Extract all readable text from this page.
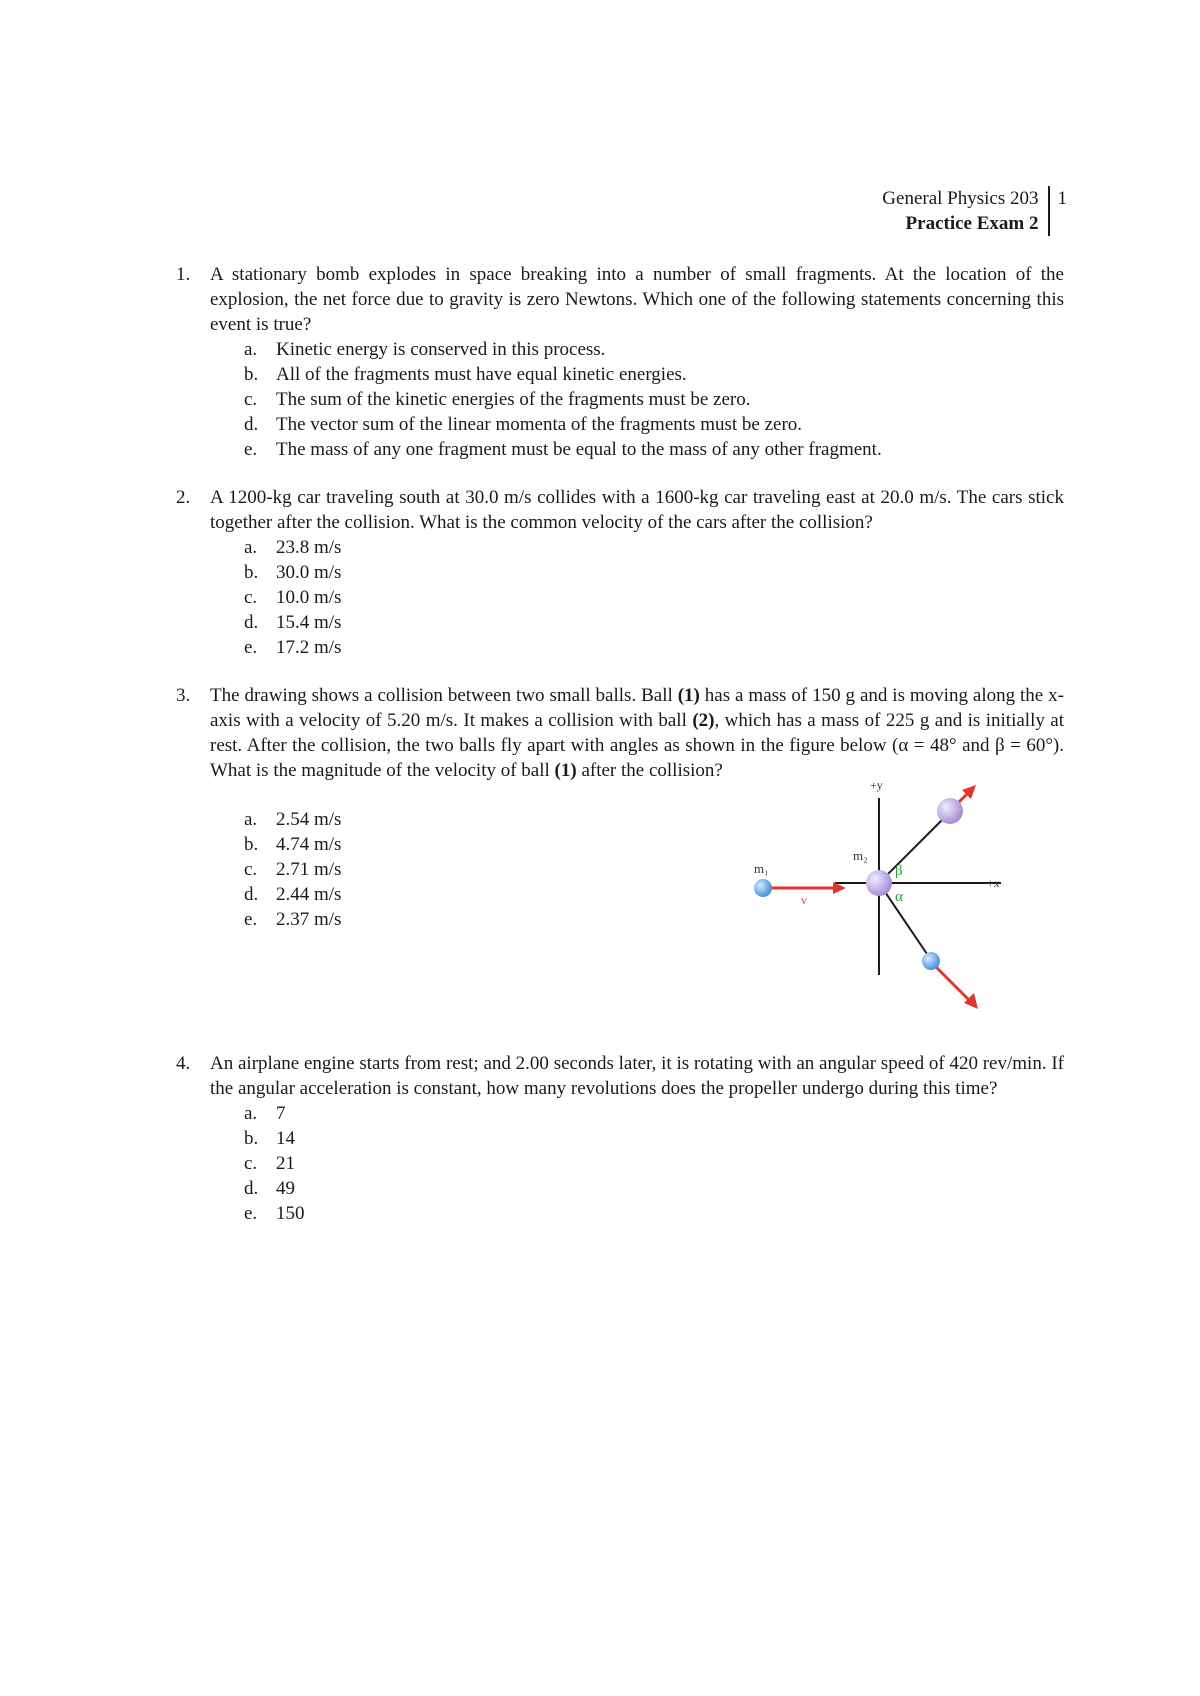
General Physics 203
Practice Exam 2
1
1. A stationary bomb explodes in space breaking into a number of small fragments. At the location of the explosion, the net force due to gravity is zero Newtons. Which one of the following statements concerning this event is true?
a. Kinetic energy is conserved in this process.
b. All of the fragments must have equal kinetic energies.
c. The sum of the kinetic energies of the fragments must be zero.
d. The vector sum of the linear momenta of the fragments must be zero.
e. The mass of any one fragment must be equal to the mass of any other fragment.
2. A 1200-kg car traveling south at 30.0 m/s collides with a 1600-kg car traveling east at 20.0 m/s. The cars stick together after the collision. What is the common velocity of the cars after the collision?
a. 23.8 m/s
b. 30.0 m/s
c. 10.0 m/s
d. 15.4 m/s
e. 17.2 m/s
3. The drawing shows a collision between two small balls. Ball (1) has a mass of 150 g and is moving along the x-axis with a velocity of 5.20 m/s. It makes a collision with ball (2), which has a mass of 225 g and is initially at rest. After the collision, the two balls fly apart with angles as shown in the figure below (α = 48° and β = 60°). What is the magnitude of the velocity of ball (1) after the collision?
a. 2.54 m/s
b. 4.74 m/s
c. 2.71 m/s
d. 2.44 m/s
e. 2.37 m/s
+y
+x
m₁
m₂
v
β
α
4. An airplane engine starts from rest; and 2.00 seconds later, it is rotating with an angular speed of 420 rev/min. If the angular acceleration is constant, how many revolutions does the propeller undergo during this time?
a. 7
b. 14
c. 21
d. 49
e. 150
